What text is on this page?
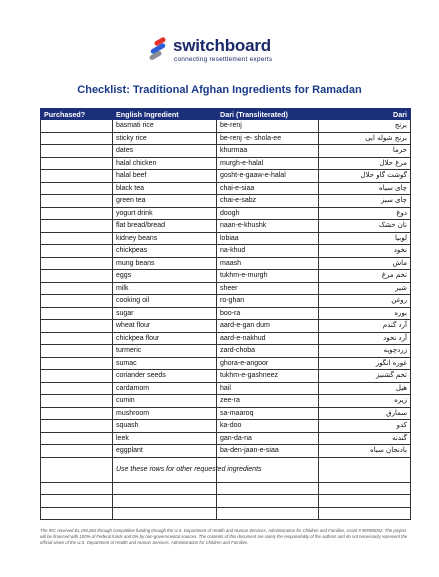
switchboard
connecting resettlement experts
Checklist: Traditional Afghan Ingredients for Ramadan
Purchased?	English Ingredient	Dari (Transliterated)	Dari
	basmati rice	be-renj	برنج
	sticky rice	be-renj -e- shola-ee	برنج شوله ایی
	dates	khurmaa	خرما
	halal chicken	murgh-e-halal	مرغ حلال
	halal beef	gosht-e-gaaw-e-halal	گوشت گاو حلال
	black tea	chai-e-siaa	چای سیاه
	green tea	chai-e-sabz	چای سبز
	yogurt drink	doogh	دوغ
	flat bread/bread	naan-e-khushk	نان خشک
	kidney beans	lobiaa	لوبیا
	chickpeas	na-khud	نخود
	mung beans	maash	ماش
	eggs	tukhm-e-murgh	تخم مرغ
	milk	sheer	شیر
	cooking oil	ro-ghan	روغن
	sugar	boo-ra	بوره
	wheat flour	aard-e-gan dum	آرد گندم
	chickpea flour	aard-e-nakhud	آرد نخود
	turmeric	zard-choba	زردچوبه
	sumac	ghora-e-angoor	غوره انگور
	coriander seeds	tukhm-e-gashneez	تخم گشنیز
	cardamom	hail	هیل
	cumin	zee-ra	زیره
	mushroom	sa-maaroq	سمارق
	squash	ka-doo	کدو
	leek	gan-da-na	گندنه
	eggplant	ba-den-jaan-e-siaa	بادنجان سیاه
	Use these rows for other requested ingredients		

The IRC received $1,194,063 through competitive funding through the U.S. Department of Health and Human Services, Administration for Children and Families, Grant # 90RB0052. The project will be financed with 100% of Federal funds and 0% by non-governmental sources. The contents of this document are solely the responsibility of the authors and do not necessarily represent the official views of the U.S. Department of Health and Human Services, Administration for Children and Families.
